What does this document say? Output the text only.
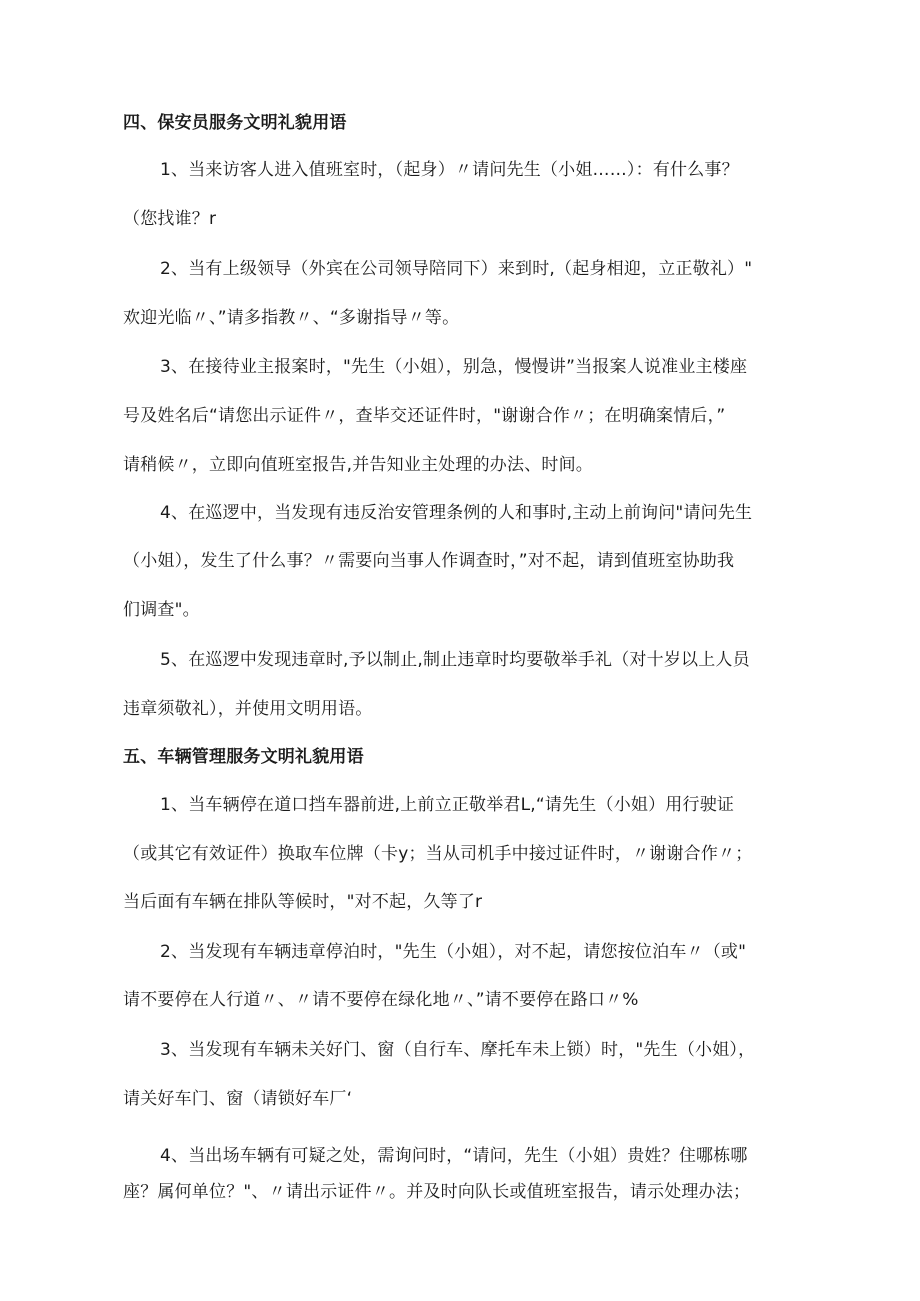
四、保安员服务文明礼貌用语
1、当来访客人进入值班室时，（起身）〃请问先生（小姐……）：有什么事？
（您找谁？r
2、当有上级领导（外宾在公司领导陪同下）来到时,（起身相迎，立正敬礼）"
欢迎光临〃、”请多指教〃、“多谢指导〃等。
3、在接待业主报案时，"先生（小姐），别急，慢慢讲”当报案人说准业主楼座
号及姓名后“请您出示证件〃，查毕交还证件时，"谢谢合作〃；在明确案情后，”
请稍候〃，立即向值班室报告,并告知业主处理的办法、时间。
4、在巡逻中，当发现有违反治安管理条例的人和事时,主动上前询问"请问先生
（小姐），发生了什么事？〃需要向当事人作调查时，”对不起，请到值班室协助我
们调查"。
5、在巡逻中发现违章时,予以制止,制止违章时均要敬举手礼（对十岁以上人员
违章须敬礼），并使用文明用语。
五、车辆管理服务文明礼貌用语
1、当车辆停在道口挡车器前进,上前立正敬举君L,“请先生（小姐）用行驶证
（或其它有效证件）换取车位牌（卡y；当从司机手中接过证件时，〃谢谢合作〃；
当后面有车辆在排队等候时，"对不起，久等了r
2、当发现有车辆违章停泊时，"先生（小姐），对不起，请您按位泊车〃（或"
请不要停在人行道〃、〃请不要停在绿化地〃、”请不要停在路口〃%
3、当发现有车辆未关好门、窗（自行车、摩托车未上锁）时，"先生（小姐），
请关好车门、窗（请锁好车厂‘
4、当出场车辆有可疑之处，需询问时，“请问，先生（小姐）贵姓？住哪栋哪
座？属何单位？"、〃请出示证件〃。并及时向队长或值班室报告，请示处理办法；
